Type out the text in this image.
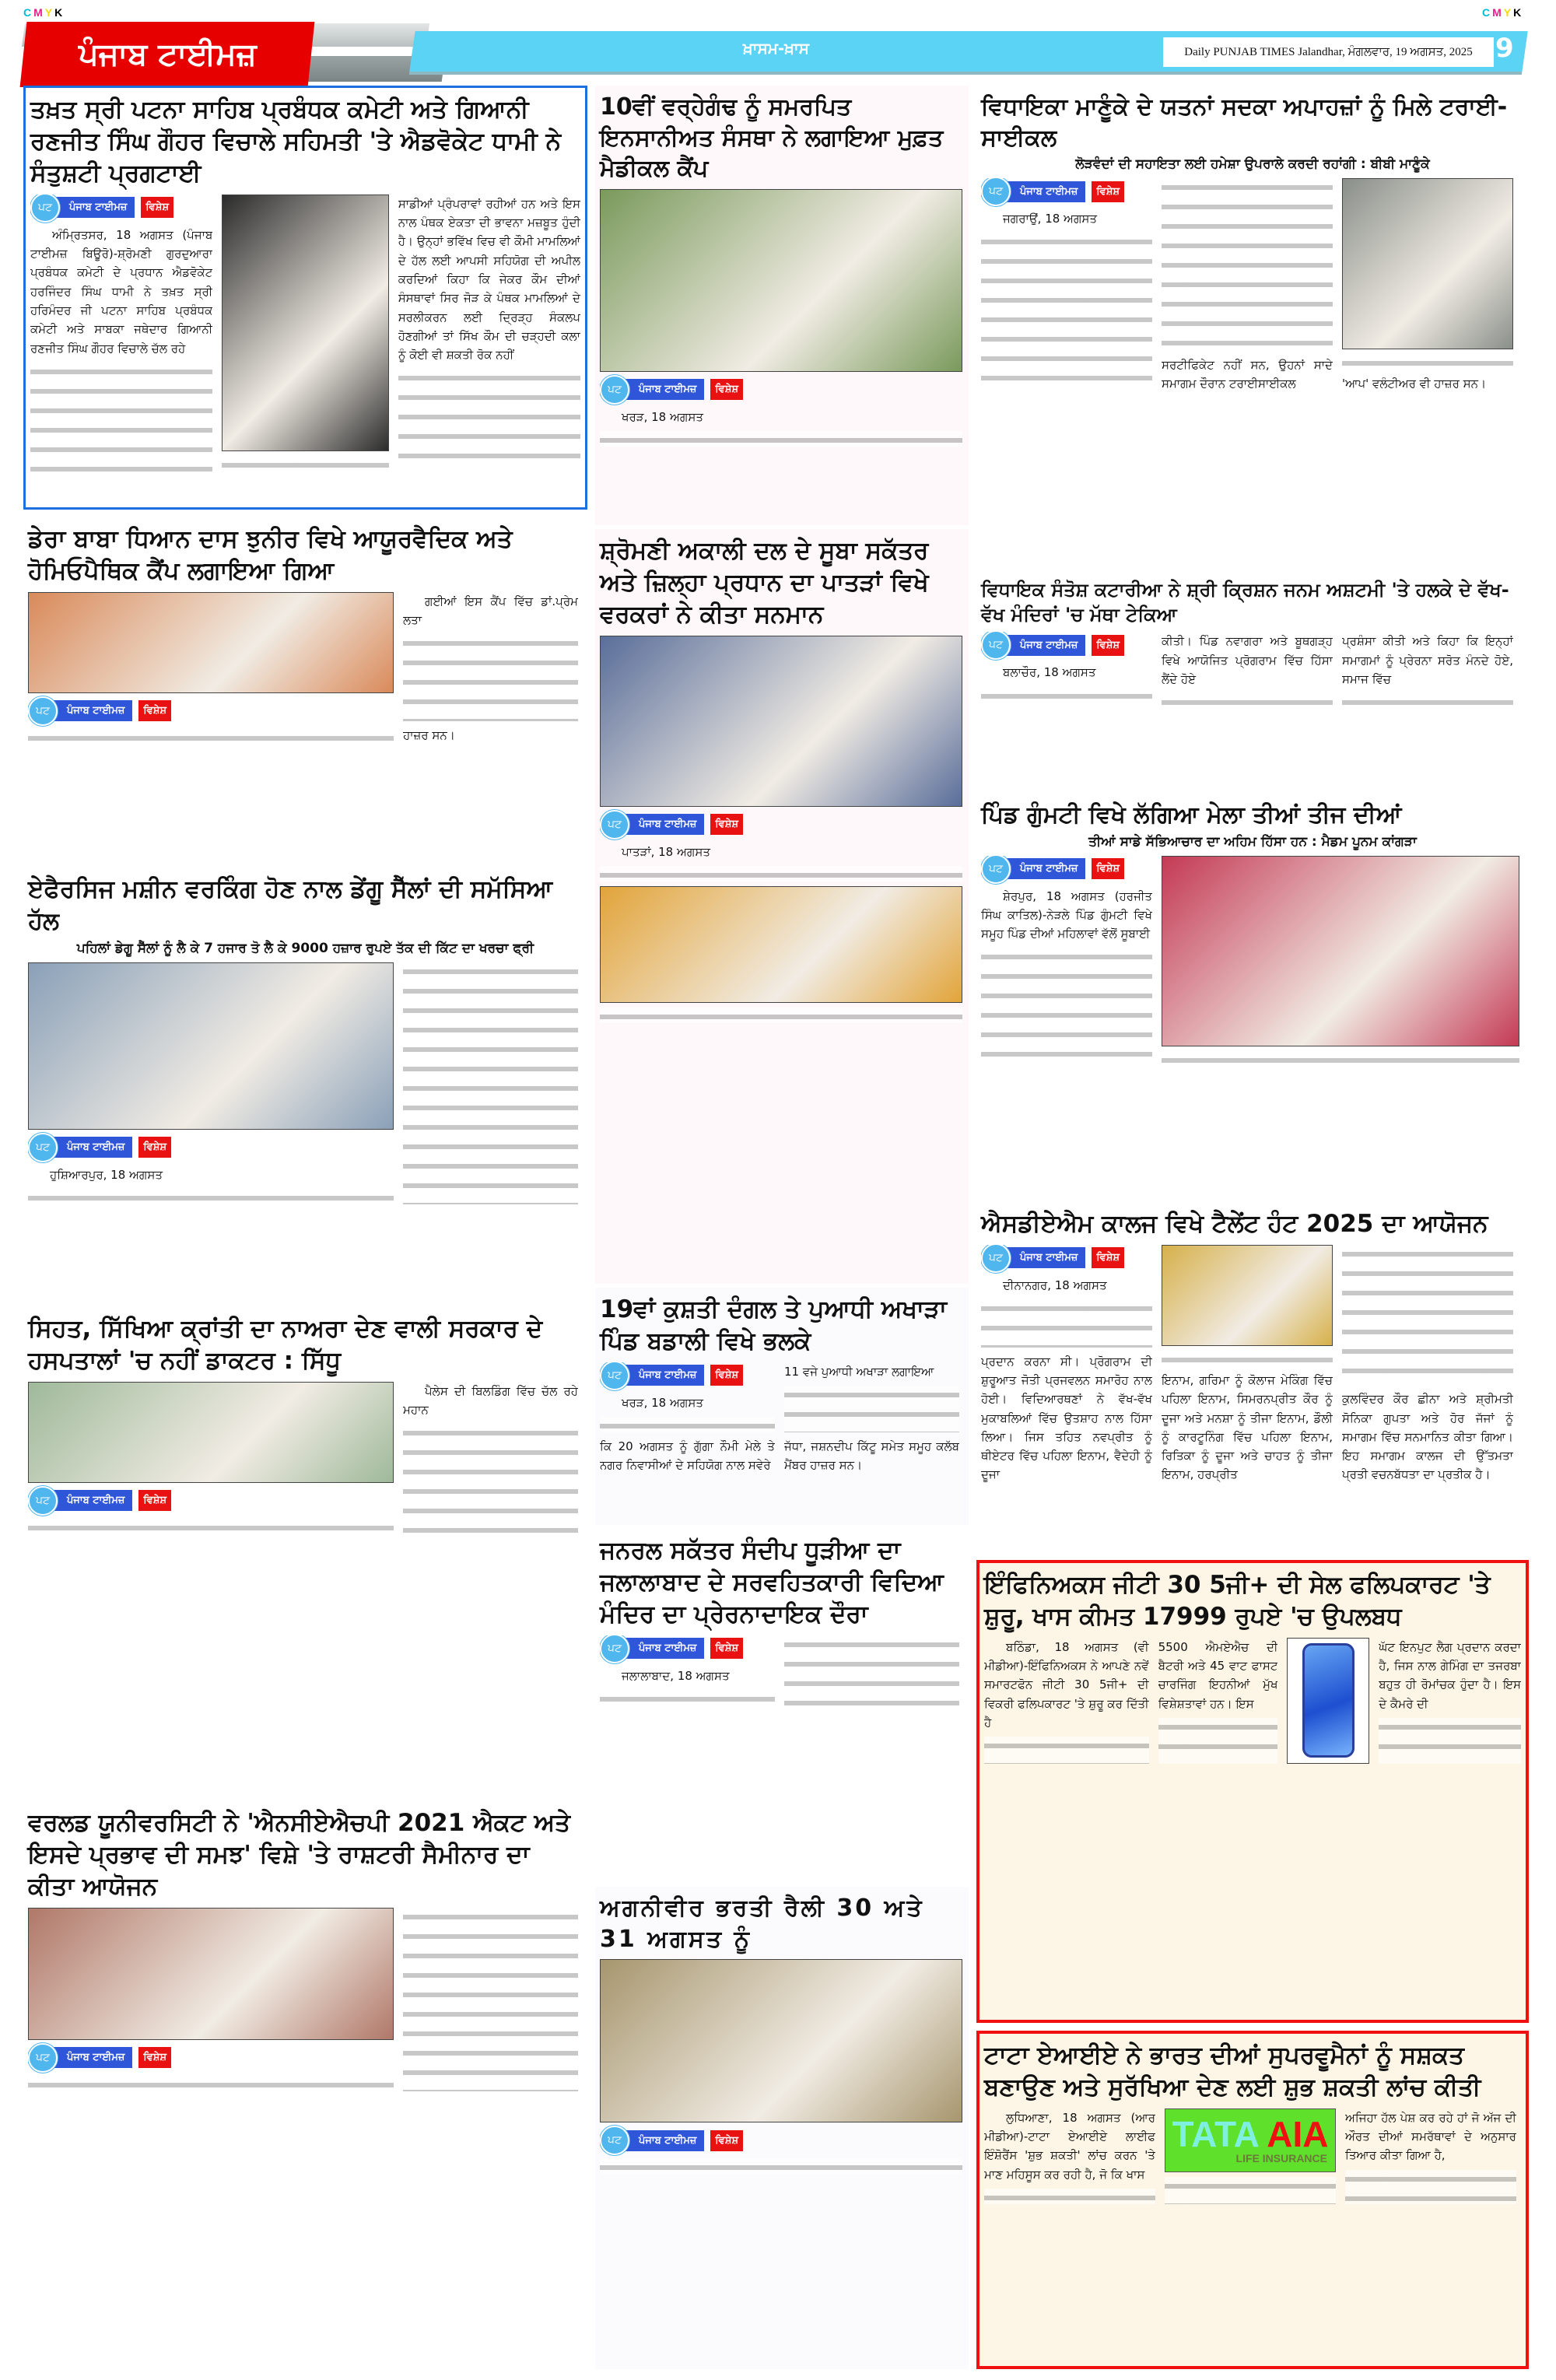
CMYK	CMYK
ਪੰਜਾਬ ਟਾਈਮਜ਼	ਖ਼ਾਸਮ-ਖ਼ਾਸ	Daily PUNJAB TIMES Jalandhar, ਮੰਗਲਵਾਰ, 19 ਅਗਸਤ, 2025 9
ਤਖ਼ਤ ਸ੍ਰੀ ਪਟਨਾ ਸਾਹਿਬ ਪ੍ਰਬੰਧਕ ਕਮੇਟੀ ਅਤੇ ਗਿਆਨੀ ਰਣਜੀਤ ਸਿੰਘ ਗੌਹਰ ਵਿਚਾਲੇ ਸਹਿਮਤੀ 'ਤੇ ਐਡਵੋਕੇਟ ਧਾਮੀ ਨੇ ਸੰਤੁਸ਼ਟੀ ਪ੍ਰਗਟਾਈ
ਪਟ	ਪੰਜਾਬ ਟਾਈਮਜ਼	ਵਿਸ਼ੇਸ਼

ਅੰਮ੍ਰਿਤਸਰ, 18 ਅਗਸਤ (ਪੰਜਾਬ ਟਾਈਮਜ਼ ਬਿਊਰੋ)-ਸ਼੍ਰੋਮਣੀ ਗੁਰਦੁਆਰਾ ਪ੍ਰਬੰਧਕ ਕਮੇਟੀ ਦੇ ਪ੍ਰਧਾਨ ਐਡਵੋਕੇਟ ਹਰਜਿੰਦਰ ਸਿੰਘ ਧਾਮੀ ਨੇ ਤਖ਼ਤ ਸ੍ਰੀ ਹਰਿਮੰਦਰ ਜੀ ਪਟਨਾ ਸਾਹਿਬ ਪ੍ਰਬੰਧਕ ਕਮੇਟੀ ਅਤੇ ਸਾਬਕਾ ਜਥੇਦਾਰ ਗਿਆਨੀ ਰਣਜੀਤ ਸਿੰਘ ਗੌਹਰ ਵਿਚਾਲੇ ਚੱਲ ਰਹੇ

ਸਾਡੀਆਂ ਪ੍ਰੰਪਰਾਵਾਂ ਰਹੀਆਂ ਹਨ ਅਤੇ ਇਸ ਨਾਲ ਪੰਥਕ ਏਕਤਾ ਦੀ ਭਾਵਨਾ ਮਜ਼ਬੂਤ ਹੁੰਦੀ ਹੈ। ਉਨ੍ਹਾਂ ਭਵਿੱਖ ਵਿਚ ਵੀ ਕੌਮੀ ਮਾਮਲਿਆਂ ਦੇ ਹੱਲ ਲਈ ਆਪਸੀ ਸਹਿਯੋਗ ਦੀ ਅਪੀਲ ਕਰਦਿਆਂ ਕਿਹਾ ਕਿ ਜੇਕਰ ਕੌਮ ਦੀਆਂ ਸੰਸਥਾਵਾਂ ਸਿਰ ਜੋੜ ਕੇ ਪੰਥਕ ਮਾਮਲਿਆਂ ਦੇ ਸਰਲੀਕਰਨ ਲਈ ਦ੍ਰਿੜ੍ਹ ਸੰਕਲਪ ਹੋਣਗੀਆਂ ਤਾਂ ਸਿੱਖ ਕੌਮ ਦੀ ਚੜ੍ਹਦੀ ਕਲਾ ਨੂੰ ਕੋਈ ਵੀ ਸ਼ਕਤੀ ਰੋਕ ਨਹੀਂ

ਡੇਰਾ ਬਾਬਾ ਧਿਆਨ ਦਾਸ ਝੁਨੀਰ ਵਿਖੇ ਆਯੂਰਵੈਦਿਕ ਅਤੇ ਹੋਮਿਓਪੈਥਿਕ ਕੈਂਪ ਲਗਾਇਆ ਗਿਆ
ਪਟ	ਪੰਜਾਬ ਟਾਈਮਜ਼	ਵਿਸ਼ੇਸ਼

ਗਈਆਂ ਇਸ ਕੈਂਪ ਵਿੱਚ ਡਾਂ.ਪ੍ਰੇਮ ਲਤਾ

ਹਾਜ਼ਰ ਸਨ।

ਏਫੈਰਸਿਜ ਮਸ਼ੀਨ ਵਰਕਿੰਗ ਹੋਣ ਨਾਲ ਡੇਂਗੂ ਸੈੱਲਾਂ ਦੀ ਸਮੱਸਿਆ ਹੱਲ
ਪਹਿਲਾਂ ਡੇਗੂ ਸੈੱਲਾਂ ਨੂੰ ਲੈ ਕੇ 7 ਹਜਾਰ ਤੋ ਲੈ ਕੇ 9000 ਹਜ਼ਾਰ ਰੁਪਏ ਤੱਕ ਦੀ ਕਿੱਟ ਦਾ ਖਰਚਾ ਫ੍ਰੀ
ਪਟ	ਪੰਜਾਬ ਟਾਈਮਜ਼	ਵਿਸ਼ੇਸ਼

ਹੁਸ਼ਿਆਰਪੁਰ, 18 ਅਗਸਤ

ਸਿਹਤ, ਸਿੱਖਿਆ ਕ੍ਰਾਂਤੀ ਦਾ ਨਾਅਰਾ ਦੇਣ ਵਾਲੀ ਸਰਕਾਰ ਦੇ ਹਸਪਤਾਲਾਂ 'ਚ ਨਹੀਂ ਡਾਕਟਰ : ਸਿੱਧੂ
ਪਟ	ਪੰਜਾਬ ਟਾਈਮਜ਼	ਵਿਸ਼ੇਸ਼

ਪੈਲੇਸ ਦੀ ਬਿਲਡਿੰਗ ਵਿੱਚ ਚੱਲ ਰਹੇ ਮਹਾਨ

ਵਰਲਡ ਯੂਨੀਵਰਸਿਟੀ ਨੇ 'ਐਨਸੀਏਐਚਪੀ 2021 ਐਕਟ ਅਤੇ ਇਸਦੇ ਪ੍ਰਭਾਵ ਦੀ ਸਮਝ' ਵਿਸ਼ੇ 'ਤੇ ਰਾਸ਼ਟਰੀ ਸੈਮੀਨਾਰ ਦਾ ਕੀਤਾ ਆਯੋਜਨ
ਪਟ	ਪੰਜਾਬ ਟਾਈਮਜ਼	ਵਿਸ਼ੇਸ਼
10ਵੀਂ ਵਰ੍ਹੇਗੰਢ ਨੂੰ ਸਮਰਪਿਤ ਇਨਸਾਨੀਅਤ ਸੰਸਥਾ ਨੇ ਲਗਾਇਆ ਮੁਫ਼ਤ ਮੈਡੀਕਲ ਕੈਂਪ
ਪਟ	ਪੰਜਾਬ ਟਾਈਮਜ਼	ਵਿਸ਼ੇਸ਼

ਖਰੜ, 18 ਅਗਸਤ

ਸ਼੍ਰੋਮਣੀ ਅਕਾਲੀ ਦਲ ਦੇ ਸੂਬਾ ਸਕੱਤਰ ਅਤੇ ਜ਼ਿਲ੍ਹਾ ਪ੍ਰਧਾਨ ਦਾ ਪਾਤੜਾਂ ਵਿਖੇ ਵਰਕਰਾਂ ਨੇ ਕੀਤਾ ਸਨਮਾਨ
ਪਟ	ਪੰਜਾਬ ਟਾਈਮਜ਼	ਵਿਸ਼ੇਸ਼

ਪਾਤੜਾਂ, 18 ਅਗਸਤ

19ਵਾਂ ਕੁਸ਼ਤੀ ਦੰਗਲ ਤੇ ਪੁਆਧੀ ਅਖਾੜਾ ਪਿੰਡ ਬਡਾਲੀ ਵਿਖੇ ਭਲਕੇ
ਪਟ	ਪੰਜਾਬ ਟਾਈਮਜ਼	ਵਿਸ਼ੇਸ਼

ਖਰੜ, 18 ਅਗਸਤ

ਕਿ 20 ਅਗਸਤ ਨੂੰ ਗੁੱਗਾ ਨੌਮੀ ਮੇਲੇ ਤੇ ਨਗਰ ਨਿਵਾਸੀਆਂ ਦੇ ਸਹਿਯੋਗ ਨਾਲ ਸਵੇਰੇ

11 ਵਜੇ ਪੁਆਧੀ ਅਖਾੜਾ ਲਗਾਇਆ

ਜੱਧਾ, ਜਸ਼ਨਦੀਪ ਕਿੱਟੂ ਸਮੇਤ ਸਮੂਹ ਕਲੱਬ ਮੈਂਬਰ ਹਾਜ਼ਰ ਸਨ।

ਜਨਰਲ ਸਕੱਤਰ ਸੰਦੀਪ ਧੂੜੀਆ ਦਾ ਜਲਾਲਾਬਾਦ ਦੇ ਸਰਵਹਿਤਕਾਰੀ ਵਿਦਿਆ ਮੰਦਿਰ ਦਾ ਪ੍ਰੇਰਨਾਦਾਇਕ ਦੌਰਾ
ਪਟ	ਪੰਜਾਬ ਟਾਈਮਜ਼	ਵਿਸ਼ੇਸ਼

ਜਲਾਲਾਬਾਦ, 18 ਅਗਸਤ

ਅਗਨੀਵੀਰ ਭਰਤੀ ਰੈਲੀ 30 ਅਤੇ 31 ਅਗਸਤ ਨੂੰ
ਪਟ	ਪੰਜਾਬ ਟਾਈਮਜ਼	ਵਿਸ਼ੇਸ਼
ਵਿਧਾਇਕਾ ਮਾਣੂੰਕੇ ਦੇ ਯਤਨਾਂ ਸਦਕਾ ਅਪਾਹਜ਼ਾਂ ਨੂੰ ਮਿਲੇ ਟਰਾਈ-ਸਾਈਕਲ
ਲੋੜਵੰਦਾਂ ਦੀ ਸਹਾਇਤਾ ਲਈ ਹਮੇਸ਼ਾ ਉਪਰਾਲੇ ਕਰਦੀ ਰਹਾਂਗੀ : ਬੀਬੀ ਮਾਣੂੰਕੇ
ਪਟ	ਪੰਜਾਬ ਟਾਈਮਜ਼	ਵਿਸ਼ੇਸ਼

ਜਗਰਾਉਂ, 18 ਅਗਸਤ

ਸਰਟੀਫਿਕੇਟ ਨਹੀਂ ਸਨ, ਉਹਨਾਂ ਸਾਦੇ ਸਮਾਗਮ ਦੌਰਾਨ ਟਰਾਈਸਾਈਕਲ	'ਆਪ' ਵਲੰਟੀਅਰ ਵੀ ਹਾਜ਼ਰ ਸਨ।

ਵਿਧਾਇਕ ਸੰਤੋਸ਼ ਕਟਾਰੀਆ ਨੇ ਸ਼੍ਰੀ ਕ੍ਰਿਸ਼ਨ ਜਨਮ ਅਸ਼ਟਮੀ 'ਤੇ ਹਲਕੇ ਦੇ ਵੱਖ-ਵੱਖ ਮੰਦਿਰਾਂ 'ਚ ਮੱਥਾ ਟੇਕਿਆ
ਪਟ	ਪੰਜਾਬ ਟਾਈਮਜ਼	ਵਿਸ਼ੇਸ਼

ਬਲਾਚੌਰ, 18 ਅਗਸਤ

ਕੀਤੀ। ਪਿੰਡ ਨਵਾਗਰਾ ਅਤੇ ਬੂਥਗੜ੍ਹ ਵਿਖੇ ਆਯੋਜਿਤ ਪ੍ਰੋਗਰਾਮ ਵਿੱਚ ਹਿੱਸਾ ਲੈਂਦੇ ਹੋਏ

ਪ੍ਰਸ਼ੰਸਾ ਕੀਤੀ ਅਤੇ ਕਿਹਾ ਕਿ ਇਨ੍ਹਾਂ ਸਮਾਗਮਾਂ ਨੂੰ ਪ੍ਰੇਰਨਾ ਸਰੋਤ ਮੰਨਦੇ ਹੋਏ, ਸਮਾਜ ਵਿੱਚ

ਪਿੰਡ ਗੁੰਮਟੀ ਵਿਖੇ ਲੱਗਿਆ ਮੇਲਾ ਤੀਆਂ ਤੀਜ ਦੀਆਂ
ਤੀਆਂ ਸਾਡੇ ਸੱਭਿਆਚਾਰ ਦਾ ਅਹਿਮ ਹਿੱਸਾ ਹਨ : ਮੈਡਮ ਪੂਨਮ ਕਾਂਗੜਾ
ਪਟ	ਪੰਜਾਬ ਟਾਈਮਜ਼	ਵਿਸ਼ੇਸ਼

ਸ਼ੇਰਪੁਰ, 18 ਅਗਸਤ (ਹਰਜੀਤ ਸਿੰਘ ਕਾਤਿਲ)-ਨੇੜਲੇ ਪਿੰਡ ਗੁੰਮਟੀ ਵਿਖੇ ਸਮੂਹ ਪਿੰਡ ਦੀਆਂ ਮਹਿਲਾਵਾਂ ਵੱਲੋਂ ਸੂਬਾਈ

ਐਸਡੀਏਐਮ ਕਾਲਜ ਵਿਖੇ ਟੈਲੇਂਟ ਹੰਟ 2025 ਦਾ ਆਯੋਜਨ
ਪਟ	ਪੰਜਾਬ ਟਾਈਮਜ਼	ਵਿਸ਼ੇਸ਼

ਦੀਨਾਨਗਰ, 18 ਅਗਸਤ

ਪ੍ਰਦਾਨ ਕਰਨਾ ਸੀ। ਪ੍ਰੋਗਰਾਮ ਦੀ ਸ਼ੁਰੂਆਤ ਜੋਤੀ ਪ੍ਰਜਵਲਨ ਸਮਾਰੋਹ ਨਾਲ ਹੋਈ। ਵਿਦਿਆਰਥਣਾਂ ਨੇ ਵੱਖ-ਵੱਖ ਮੁਕਾਬਲਿਆਂ ਵਿੱਚ ਉਤਸ਼ਾਹ ਨਾਲ ਹਿੱਸਾ ਲਿਆ। ਜਿਸ ਤਹਿਤ ਨਵਪ੍ਰੀਤ ਨੂੰ ਥੀਏਟਰ ਵਿੱਚ ਪਹਿਲਾ ਇਨਾਮ, ਵੈਦੇਹੀ ਨੂੰ ਦੂਜਾ

ਇਨਾਮ, ਗਰਿਮਾ ਨੂੰ ਕੋਲਾਜ ਮੇਕਿੰਗ ਵਿੱਚ ਪਹਿਲਾ ਇਨਾਮ, ਸਿਮਰਨਪ੍ਰੀਤ ਕੌਰ ਨੂੰ ਦੂਜਾ ਅਤੇ ਮਨਸ਼ਾ ਨੂੰ ਤੀਜਾ ਇਨਾਮ, ਡੌਲੀ ਨੂੰ ਕਾਰਟੂਨਿੰਗ ਵਿੱਚ ਪਹਿਲਾ ਇਨਾਮ, ਰਿਤਿਕਾ ਨੂੰ ਦੂਜਾ ਅਤੇ ਚਾਹਤ ਨੂੰ ਤੀਜਾ ਇਨਾਮ, ਹਰਪ੍ਰੀਤ

ਕੁਲਵਿੰਦਰ ਕੌਰ ਛੀਨਾ ਅਤੇ ਸ਼੍ਰੀਮਤੀ ਸੋਨਿਕਾ ਗੁਪਤਾ ਅਤੇ ਹੋਰ ਜੱਜਾਂ ਨੂੰ ਸਮਾਗਮ ਵਿੱਚ ਸਨਮਾਨਿਤ ਕੀਤਾ ਗਿਆ। ਇਹ ਸਮਾਗਮ ਕਾਲਜ ਦੀ ਉੱਤਮਤਾ ਪ੍ਰਤੀ ਵਚਨਬੱਧਤਾ ਦਾ ਪ੍ਰਤੀਕ ਹੈ।

ਇੰਫਿਨਿਅਕਸ ਜੀਟੀ 30 5ਜੀ+ ਦੀ ਸੇਲ ਫਲਿਪਕਾਰਟ 'ਤੇ ਸ਼ੁਰੂ, ਖਾਸ ਕੀਮਤ 17999 ਰੁਪਏ 'ਚ ਉਪਲਬਧ

ਬਠਿੰਡਾ, 18 ਅਗਸਤ (ਵੀ ਮੀਡੀਆ)-ਇੰਫਿਨਿਅਕਸ ਨੇ ਆਪਣੇ ਨਵੇਂ ਸਮਾਰਟਫੋਨ ਜੀਟੀ 30 5ਜੀ+ ਦੀ ਵਿਕਰੀ ਫਲਿਪਕਾਰਟ 'ਤੇ ਸ਼ੁਰੂ ਕਰ ਦਿੱਤੀ ਹੈ

5500 ਐਮਏਐਚ ਦੀ ਬੈਟਰੀ ਅਤੇ 45 ਵਾਟ ਫਾਸਟ ਚਾਰਜਿੰਗ ਇਹਨੀਆਂ ਮੁੱਖ ਵਿਸ਼ੇਸ਼ਤਾਵਾਂ ਹਨ। ਇਸ

ਘੱਟ ਇਨਪੁਟ ਲੈਗ ਪ੍ਰਦਾਨ ਕਰਦਾ ਹੈ, ਜਿਸ ਨਾਲ ਗੇਮਿੰਗ ਦਾ ਤਜਰਬਾ ਬਹੁਤ ਹੀ ਰੋਮਾਂਚਕ ਹੁੰਦਾ ਹੈ। ਇਸ ਦੇ ਕੈਮਰੇ ਦੀ

ਟਾਟਾ ਏਆਈਏ ਨੇ ਭਾਰਤ ਦੀਆਂ ਸੁਪਰਵੂਮੈਨਾਂ ਨੂੰ ਸਸ਼ਕਤ ਬਣਾਉਣ ਅਤੇ ਸੁਰੱਖਿਆ ਦੇਣ ਲਈ ਸ਼ੁਭ ਸ਼ਕਤੀ ਲਾਂਚ ਕੀਤੀ

ਲੁਧਿਆਣਾ, 18 ਅਗਸਤ (ਆਰ ਮੀਡੀਆ)-ਟਾਟਾ ਏਆਈਏ ਲਾਈਫ ਇੰਸ਼ੋਰੈਂਸ 'ਸ਼ੁਭ ਸ਼ਕਤੀ' ਲਾਂਚ ਕਰਨ 'ਤੇ ਮਾਣ ਮਹਿਸੂਸ ਕਰ ਰਹੀ ਹੈ, ਜੋ ਕਿ ਖਾਸ

TATA AIA
LIFE INSURANCE

ਅਜਿਹਾ ਹੱਲ ਪੇਸ਼ ਕਰ ਰਹੇ ਹਾਂ ਜੋ ਅੱਜ ਦੀ ਔਰਤ ਦੀਆਂ ਸਮਰੱਥਾਵਾਂ ਦੇ ਅਨੁਸਾਰ ਤਿਆਰ ਕੀਤਾ ਗਿਆ ਹੈ,
